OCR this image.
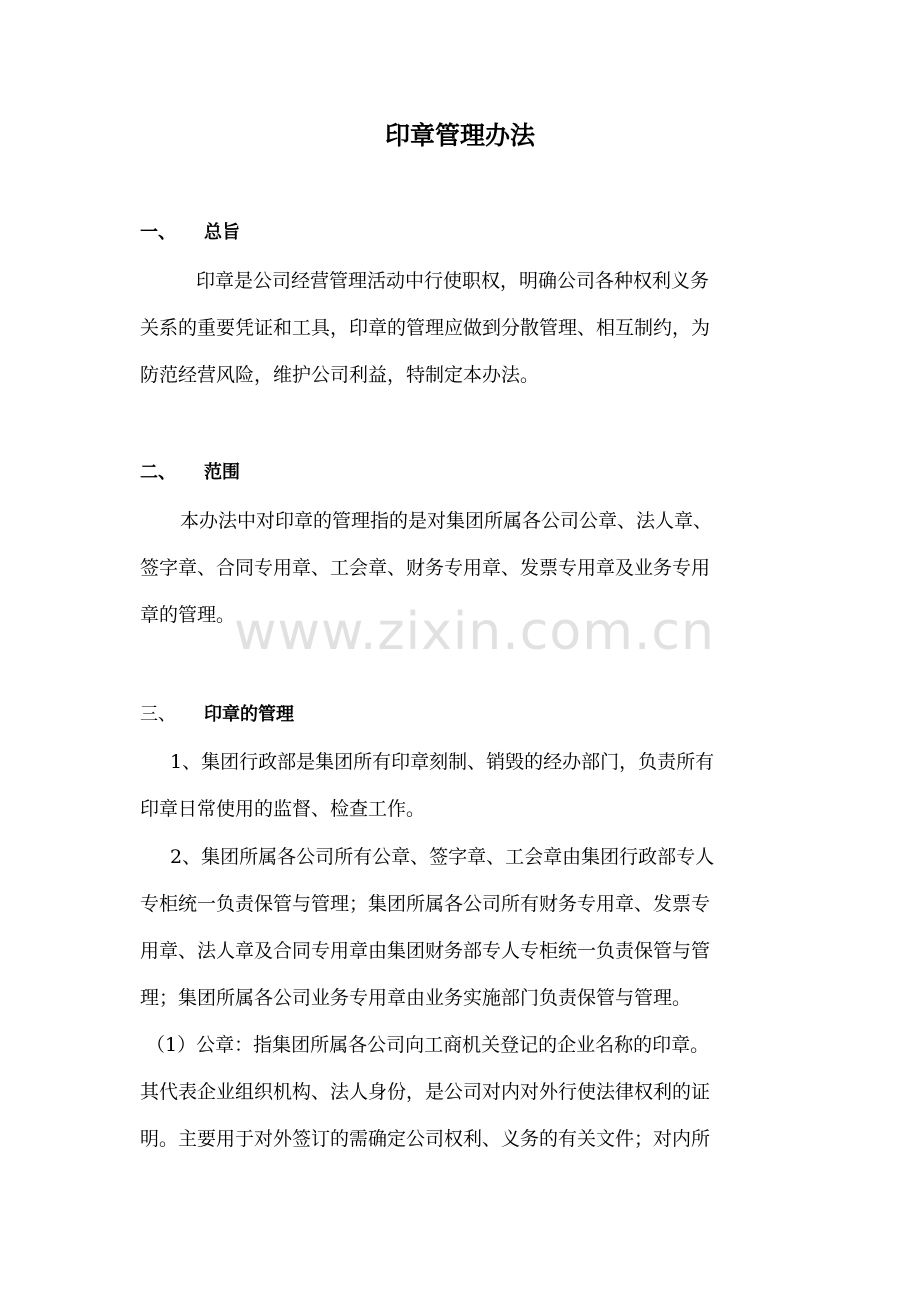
印章管理办法
一、 总旨

印章是公司经营管理活动中行使职权，明确公司各种权利义务
关系的重要凭证和工具，印章的管理应做到分散管理、相互制约，为
防范经营风险，维护公司利益，特制定本办法。

二、 范围

本办法中对印章的管理指的是对集团所属各公司公章、法人章、
签字章、合同专用章、工会章、财务专用章、发票专用章及业务专用
章的管理。

三、 印章的管理

1、集团行政部是集团所有印章刻制、销毁的经办部门，负责所有
印章日常使用的监督、检查工作。

2、集团所属各公司所有公章、签字章、工会章由集团行政部专人
专柜统一负责保管与管理；集团所属各公司所有财务专用章、发票专
用章、法人章及合同专用章由集团财务部专人专柜统一负责保管与管
理；集团所属各公司业务专用章由业务实施部门负责保管与管理。

（1）公章：指集团所属各公司向工商机关登记的企业名称的印章。
其代表企业组织机构、法人身份，是公司对内对外行使法律权利的证
明。主要用于对外签订的需确定公司权利、义务的有关文件；对内所

www.zixin.com.cn
